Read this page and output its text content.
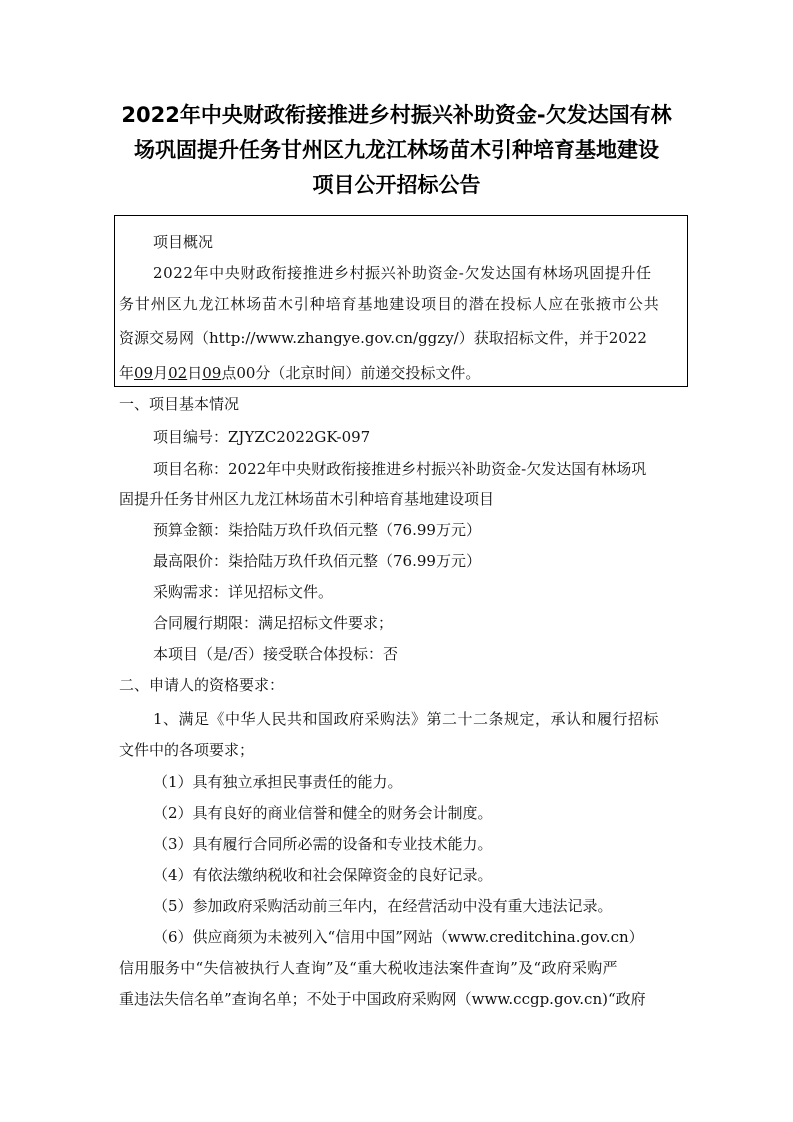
2022年中央财政衔接推进乡村振兴补助资金-欠发达国有林
场巩固提升任务甘州区九龙江林场苗木引种培育基地建设
项目公开招标公告
项目概况
2022年中央财政衔接推进乡村振兴补助资金-欠发达国有林场巩固提升任
务甘州区九龙江林场苗木引种培育基地建设项目的潜在投标人应在张掖市公共
资源交易网（http://www.zhangye.gov.cn/ggzy/）获取招标文件，并于2022
年09月02日09点00分（北京时间）前递交投标文件。
一、项目基本情况
项目编号：ZJYZC2022GK-097
项目名称：2022年中央财政衔接推进乡村振兴补助资金-欠发达国有林场巩
固提升任务甘州区九龙江林场苗木引种培育基地建设项目
预算金额：柒拾陆万玖仟玖佰元整（76.99万元）
最高限价：柒拾陆万玖仟玖佰元整（76.99万元）
采购需求：详见招标文件。
合同履行期限：满足招标文件要求；
本项目（是/否）接受联合体投标：否
二、申请人的资格要求：
1、满足《中华人民共和国政府采购法》第二十二条规定，承认和履行招标
文件中的各项要求；
（1）具有独立承担民事责任的能力。
（2）具有良好的商业信誉和健全的财务会计制度。
（3）具有履行合同所必需的设备和专业技术能力。
（4）有依法缴纳税收和社会保障资金的良好记录。
（5）参加政府采购活动前三年内，在经营活动中没有重大违法记录。
（6）供应商须为未被列入“信用中国”网站（www.creditchina.gov.cn）
信用服务中“失信被执行人查询”及“重大税收违法案件查询”及“政府采购严
重违法失信名单”查询名单；不处于中国政府采购网（www.ccgp.gov.cn)“政府
